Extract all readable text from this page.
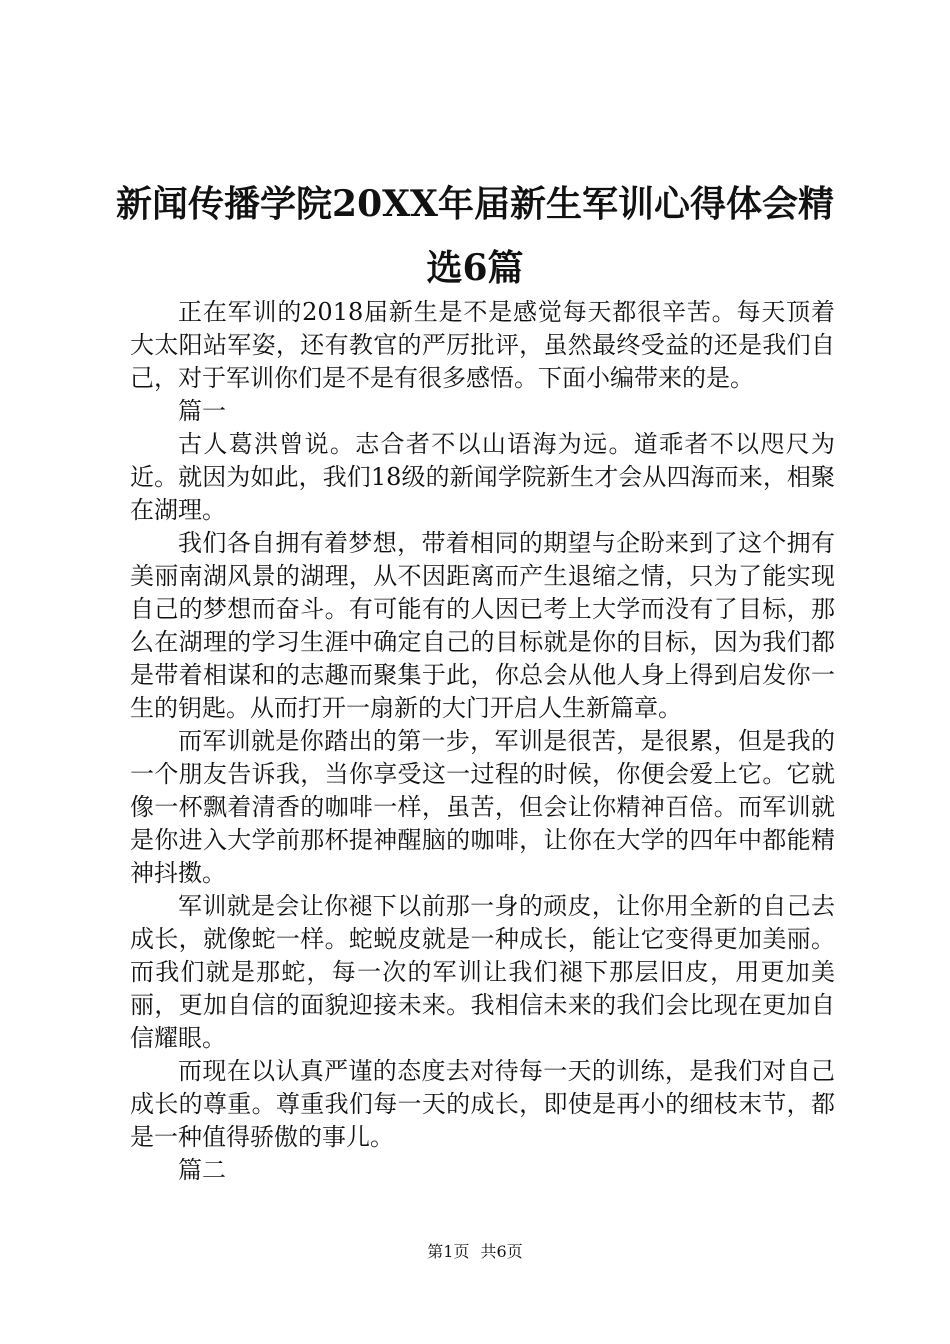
新闻传播学院20XX年届新生军训心得体会精
选6篇

正在军训的2018届新生是不是感觉每天都很辛苦。每天顶着大太阳站军姿，还有教官的严厉批评，虽然最终受益的还是我们自己，对于军训你们是不是有很多感悟。下面小编带来的是。

篇一

古人葛洪曾说。志合者不以山语海为远。道乖者不以咫尺为近。就因为如此，我们18级的新闻学院新生才会从四海而来，相聚在湖理。

我们各自拥有着梦想，带着相同的期望与企盼来到了这个拥有美丽南湖风景的湖理，从不因距离而产生退缩之情，只为了能实现自己的梦想而奋斗。有可能有的人因已考上大学而没有了目标，那么在湖理的学习生涯中确定自己的目标就是你的目标，因为我们都是带着相谋和的志趣而聚集于此，你总会从他人身上得到启发你一生的钥匙。从而打开一扇新的大门开启人生新篇章。

而军训就是你踏出的第一步，军训是很苦，是很累，但是我的一个朋友告诉我，当你享受这一过程的时候，你便会爱上它。它就像一杯飘着清香的咖啡一样，虽苦，但会让你精神百倍。而军训就是你进入大学前那杯提神醒脑的咖啡，让你在大学的四年中都能精神抖擞。

军训就是会让你褪下以前那一身的顽皮，让你用全新的自己去成长，就像蛇一样。蛇蜕皮就是一种成长，能让它变得更加美丽。而我们就是那蛇，每一次的军训让我们褪下那层旧皮，用更加美丽，更加自信的面貌迎接未来。我相信未来的我们会比现在更加自信耀眼。

而现在以认真严谨的态度去对待每一天的训练，是我们对自己成长的尊重。尊重我们每一天的成长，即使是再小的细枝末节，都是一种值得骄傲的事儿。

篇二

第1页 共6页
